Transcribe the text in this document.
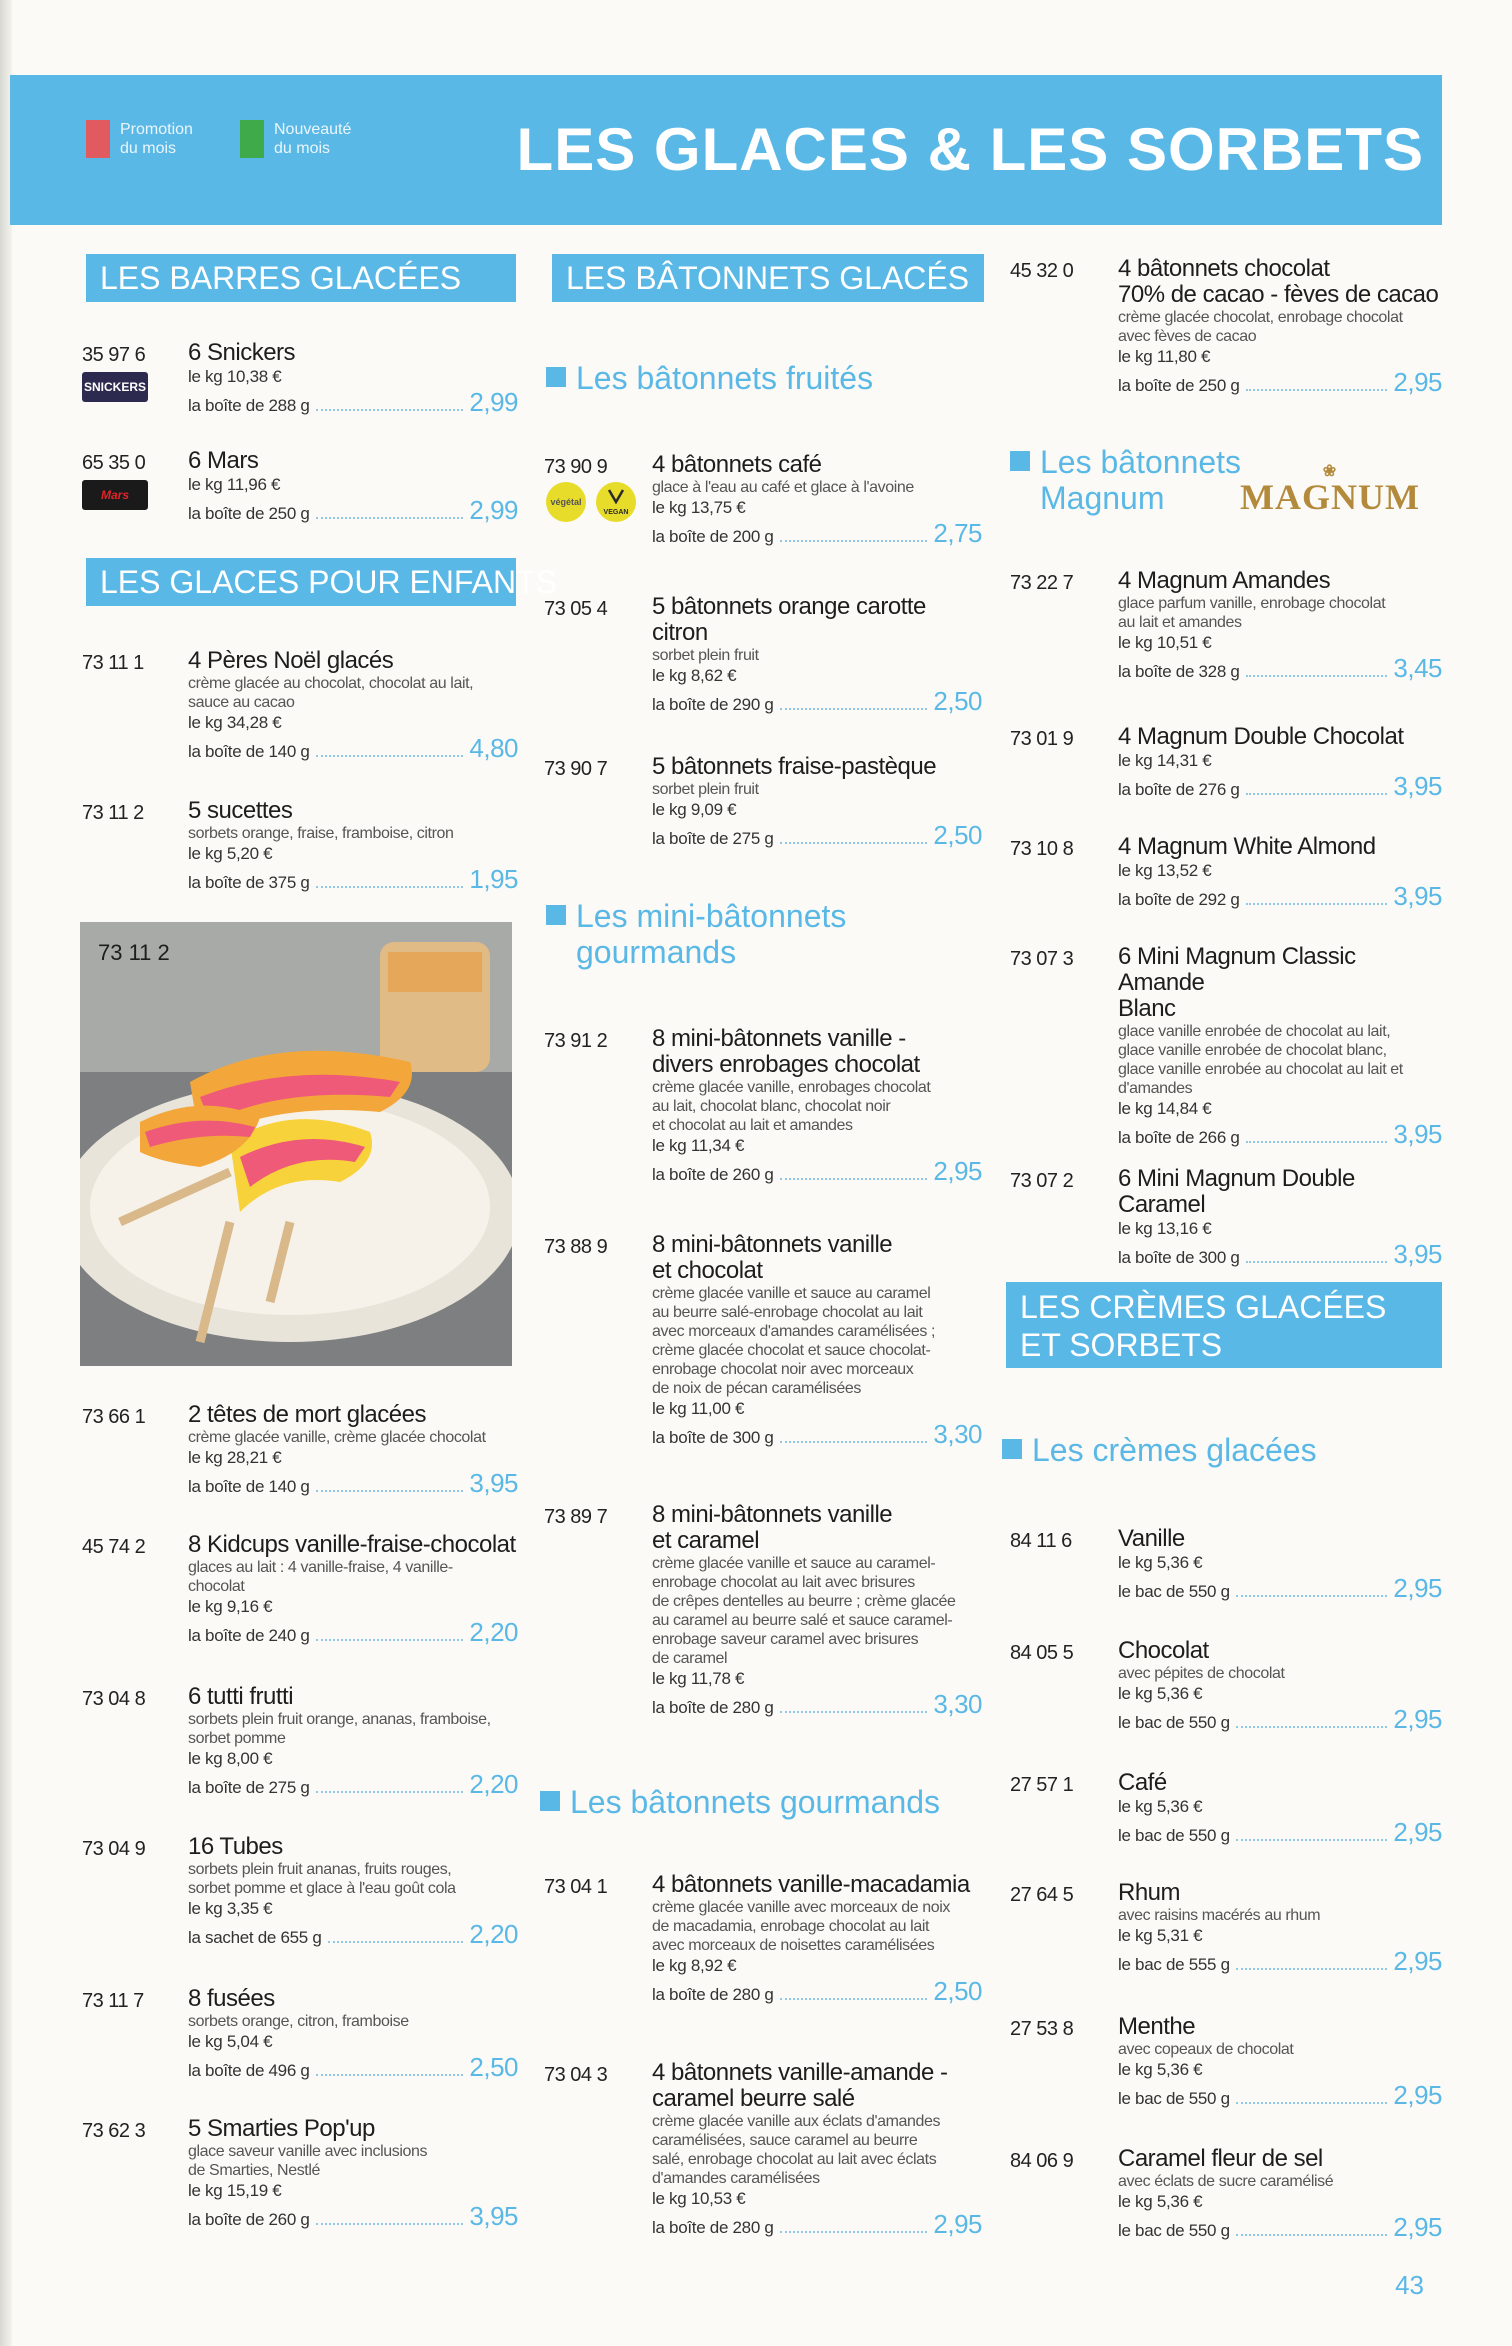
Promotion
du mois
Nouveauté
du mois	LES GLACES & LES SORBETS
LES BARRES GLACÉES
LES GLACES POUR ENFANTS
35 97 6
SNICKERS
6 Snickers
le kg 10,38 €
la boîte de 288 g	2,99
65 35 0
Mars
6 Mars
le kg 11,96 €
la boîte de 250 g	2,99
73 11 1 4 Pères Noël glacés
crème glacée au chocolat, chocolat au lait,
sauce au cacao
le kg 34,28 €
la boîte de 140 g	4,80
73 11 2 5 sucettes
sorbets orange, fraise, framboise, citron
le kg 5,20 €
la boîte de 375 g	1,95
73 66 1 2 têtes de mort glacées
crème glacée vanille, crème glacée chocolat
le kg 28,21 €
la boîte de 140 g	3,95
45 74 2 8 Kidcups vanille-fraise-chocolat
glaces au lait : 4 vanille-fraise, 4 vanille-
chocolat
le kg 9,16 €
la boîte de 240 g	2,20
73 04 8 6 tutti frutti
sorbets plein fruit orange, ananas, framboise,
sorbet pomme
le kg 8,00 €
la boîte de 275 g	2,20
73 04 9 16 Tubes
sorbets plein fruit ananas, fruits rouges,
sorbet pomme et glace à l'eau goût cola
le kg 3,35 €
la sachet de 655 g	2,20
73 11 7 8 fusées
sorbets orange, citron, framboise
le kg 5,04 €
la boîte de 496 g	2,50
73 62 3 5 Smarties Pop'up
glace saveur vanille avec inclusions
de Smarties, Nestlé
le kg 15,19 €
la boîte de 260 g	3,95
73 11 2
LES BÂTONNETS GLACÉS
Les bâtonnets fruités
Les mini-bâtonnets
gourmands
Les bâtonnets gourmands
végétal
VEGAN
73 90 9 4 bâtonnets café
glace à l'eau au café et glace à l'avoine
le kg 13,75 €
la boîte de 200 g	2,75
73 05 4 5 bâtonnets orange carotte
citron
sorbet plein fruit
le kg 8,62 €
la boîte de 290 g	2,50
73 90 7 5 bâtonnets fraise-pastèque
sorbet plein fruit
le kg 9,09 €
la boîte de 275 g	2,50
73 91 2 8 mini-bâtonnets vanille -
divers enrobages chocolat
crème glacée vanille, enrobages chocolat
au lait, chocolat blanc, chocolat noir
et chocolat au lait et amandes
le kg 11,34 €
la boîte de 260 g	2,95
73 88 9 8 mini-bâtonnets vanille
et chocolat
crème glacée vanille et sauce au caramel
au beurre salé-enrobage chocolat au lait
avec morceaux d'amandes caramélisées ;
crème glacée chocolat et sauce chocolat-
enrobage chocolat noir avec morceaux
de noix de pécan caramélisées
le kg 11,00 €
la boîte de 300 g	3,30
73 89 7 8 mini-bâtonnets vanille
et caramel
crème glacée vanille et sauce au caramel-
enrobage chocolat au lait avec brisures
de crêpes dentelles au beurre ; crème glacée
au caramel au beurre salé et sauce caramel-
enrobage saveur caramel avec brisures
de caramel
le kg 11,78 €
la boîte de 280 g	3,30
73 04 1 4 bâtonnets vanille-macadamia
crème glacée vanille avec morceaux de noix
de macadamia, enrobage chocolat au lait
avec morceaux de noisettes caramélisées
le kg 8,92 €
la boîte de 280 g	2,50
73 04 3 4 bâtonnets vanille-amande -
caramel beurre salé
crème glacée vanille aux éclats d'amandes
caramélisées, sauce caramel au beurre
salé, enrobage chocolat au lait avec éclats
d'amandes caramélisées
le kg 10,53 €
la boîte de 280 g	2,95
Les bâtonnets
Magnum
❀
MAGNUM
LES CRÈMES GLACÉES
ET SORBETS
Les crèmes glacées
45 32 0 4 bâtonnets chocolat
70% de cacao - fèves de cacao
crème glacée chocolat, enrobage chocolat
avec fèves de cacao
le kg 11,80 €
la boîte de 250 g	2,95
73 22 7 4 Magnum Amandes
glace parfum vanille, enrobage chocolat
au lait et amandes
le kg 10,51 €
la boîte de 328 g	3,45
73 01 9 4 Magnum Double Chocolat
le kg 14,31 €
la boîte de 276 g	3,95
73 10 8 4 Magnum White Almond
le kg 13,52 €
la boîte de 292 g	3,95
73 07 3 6 Mini Magnum Classic Amande
Blanc
glace vanille enrobée de chocolat au lait,
glace vanille enrobée de chocolat blanc,
glace vanille enrobée au chocolat au lait et
d'amandes
le kg 14,84 €
la boîte de 266 g	3,95
73 07 2 6 Mini Magnum Double Caramel
le kg 13,16 €
la boîte de 300 g	3,95
84 11 6 Vanille
le kg 5,36 €
le bac de 550 g	2,95
84 05 5 Chocolat
avec pépites de chocolat
le kg 5,36 €
le bac de 550 g	2,95
27 57 1 Café
le kg 5,36 €
le bac de 550 g	2,95
27 64 5 Rhum
avec raisins macérés au rhum
le kg 5,31 €
le bac de 555 g	2,95
27 53 8 Menthe
avec copeaux de chocolat
le kg 5,36 €
le bac de 550 g	2,95
84 06 9 Caramel fleur de sel
avec éclats de sucre caramélisé
le kg 5,36 €
le bac de 550 g	2,95
43
